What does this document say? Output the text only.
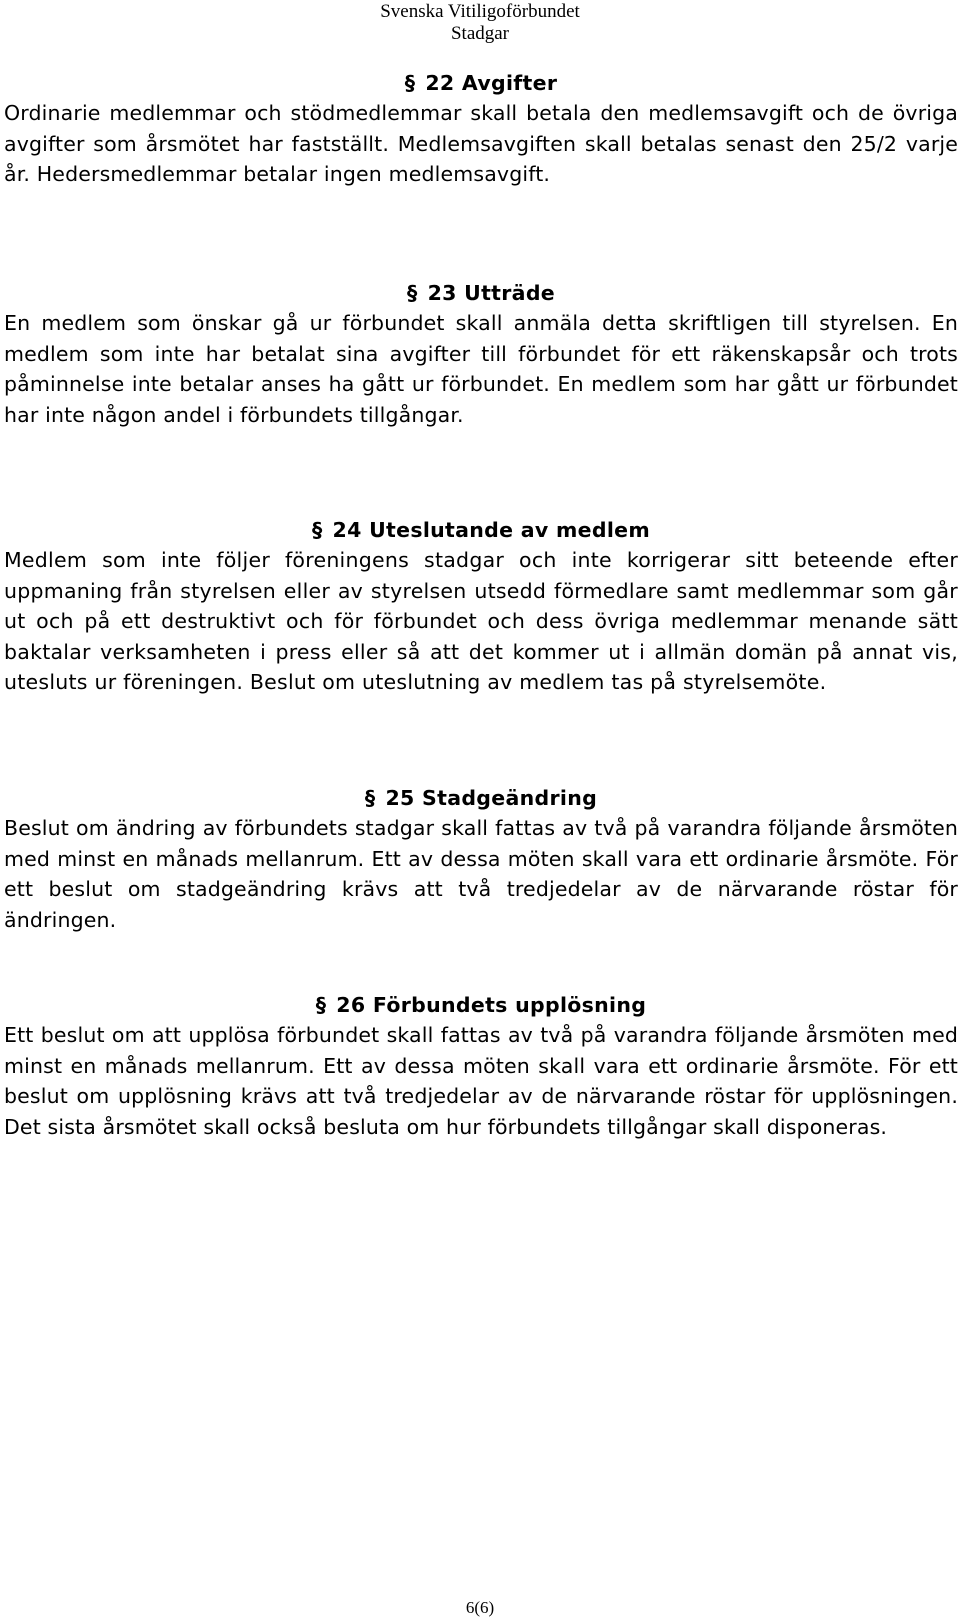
Svenska Vitiligoförbundet
Stadgar
§ 22 Avgifter
Ordinarie medlemmar och stödmedlemmar skall betala den medlemsavgift och de övriga avgifter som årsmötet har fastställt. Medlemsavgiften skall betalas senast den 25/2 varje år. Hedersmedlemmar betalar ingen medlemsavgift.
§ 23 Utträde
En medlem som önskar gå ur förbundet skall anmäla detta skriftligen till styrelsen. En medlem som inte har betalat sina avgifter till förbundet för ett räkenskapsår och trots påminnelse inte betalar anses ha gått ur förbundet. En medlem som har gått ur förbundet har inte någon andel i förbundets tillgångar.
§ 24 Uteslutande av medlem
Medlem som inte följer föreningens stadgar och inte korrigerar sitt beteende efter uppmaning från styrelsen eller av styrelsen utsedd förmedlare samt medlemmar som går ut och på ett destruktivt och för förbundet och dess övriga medlemmar menande sätt baktalar verksamheten i press eller så att det kommer ut i allmän domän på annat vis, utesluts ur föreningen. Beslut om uteslutning av medlem tas på styrelsemöte.
§ 25 Stadgeändring
Beslut om ändring av förbundets stadgar skall fattas av två på varandra följande årsmöten med minst en månads mellanrum. Ett av dessa möten skall vara ett ordinarie årsmöte. För ett beslut om stadgeändring krävs att två tredjedelar av de närvarande röstar för ändringen.
§ 26 Förbundets upplösning
Ett beslut om att upplösa förbundet skall fattas av två på varandra följande årsmöten med minst en månads mellanrum. Ett av dessa möten skall vara ett ordinarie årsmöte. För ett beslut om upplösning krävs att två tredjedelar av de närvarande röstar för upplösningen. Det sista årsmötet skall också besluta om hur förbundets tillgångar skall disponeras.
6(6)
